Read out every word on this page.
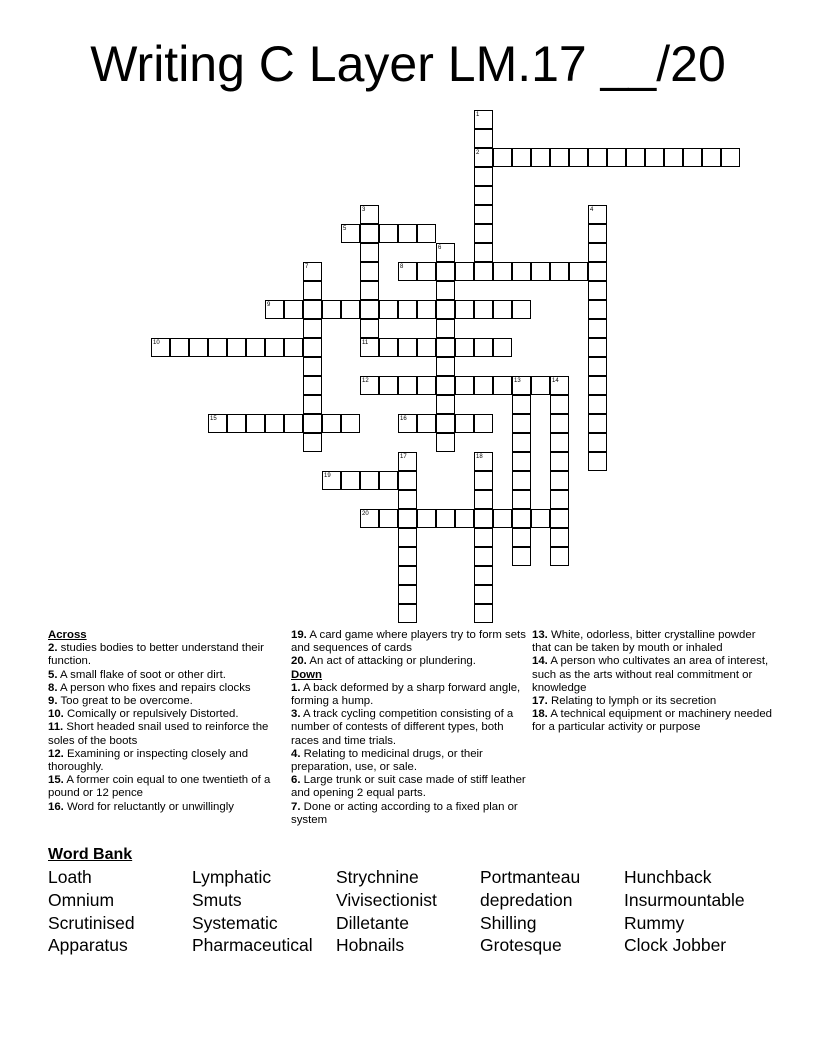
Writing C Layer LM.17 __/20
2
5
8
9
10	11
12	13	14
15	16
19
20
1
3	4
6
7
17	18

Across

2. studies bodies to better understand their function.

5. A small flake of soot or other dirt.

8. A person who fixes and repairs clocks

9. Too great to be overcome.

10. Comically or repulsively Distorted.

11. Short headed snail used to reinforce the soles of the boots

12. Examining or inspecting closely and thoroughly.

15. A former coin equal to one twentieth of a pound or 12 pence

16. Word for reluctantly or unwillingly

19. A card game where players try to form sets and sequences of cards

20. An act of attacking or plundering.

Down

1. A back deformed by a sharp forward angle, forming a hump.

3. A track cycling competition consisting of a number of contests of different types, both races and time trials.

4. Relating to medicinal drugs, or their preparation, use, or sale.

6. Large trunk or suit case made of stiff leather and opening 2 equal parts.

7. Done or acting according to a fixed plan or system

13. White, odorless, bitter crystalline powder that can be taken by mouth or inhaled

14. A person who cultivates an area of interest, such as the arts without real commitment or knowledge

17. Relating to lymph or its secretion

18. A technical equipment or machinery needed for a particular activity or purpose

Word Bank
Loath	Lymphatic	Strychnine	Portmanteau	Hunchback
Omnium	Smuts	Vivisectionist	depredation	Insurmountable
Scrutinised	Systematic	Dilletante	Shilling	Rummy
Apparatus	Pharmaceutical	Hobnails	Grotesque	Clock Jobber
